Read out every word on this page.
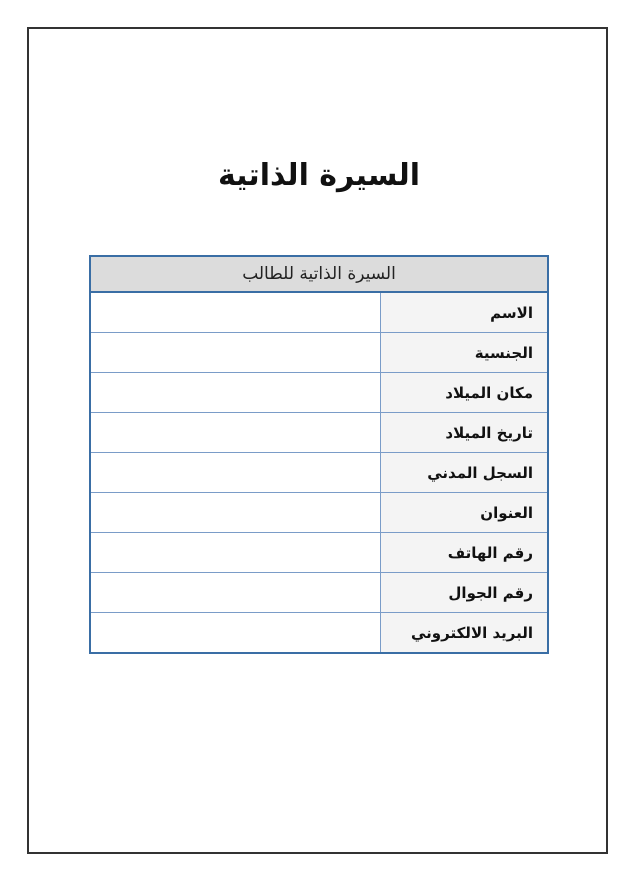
السيرة الذاتية
السيرة الذاتية للطالب	
الاسم	
الجنسية	
مكان الميلاد	
تاريخ الميلاد	
السجل المدني	
العنوان	
رقم الهاتف	
رقم الجوال	
البريد الالكتروني	
